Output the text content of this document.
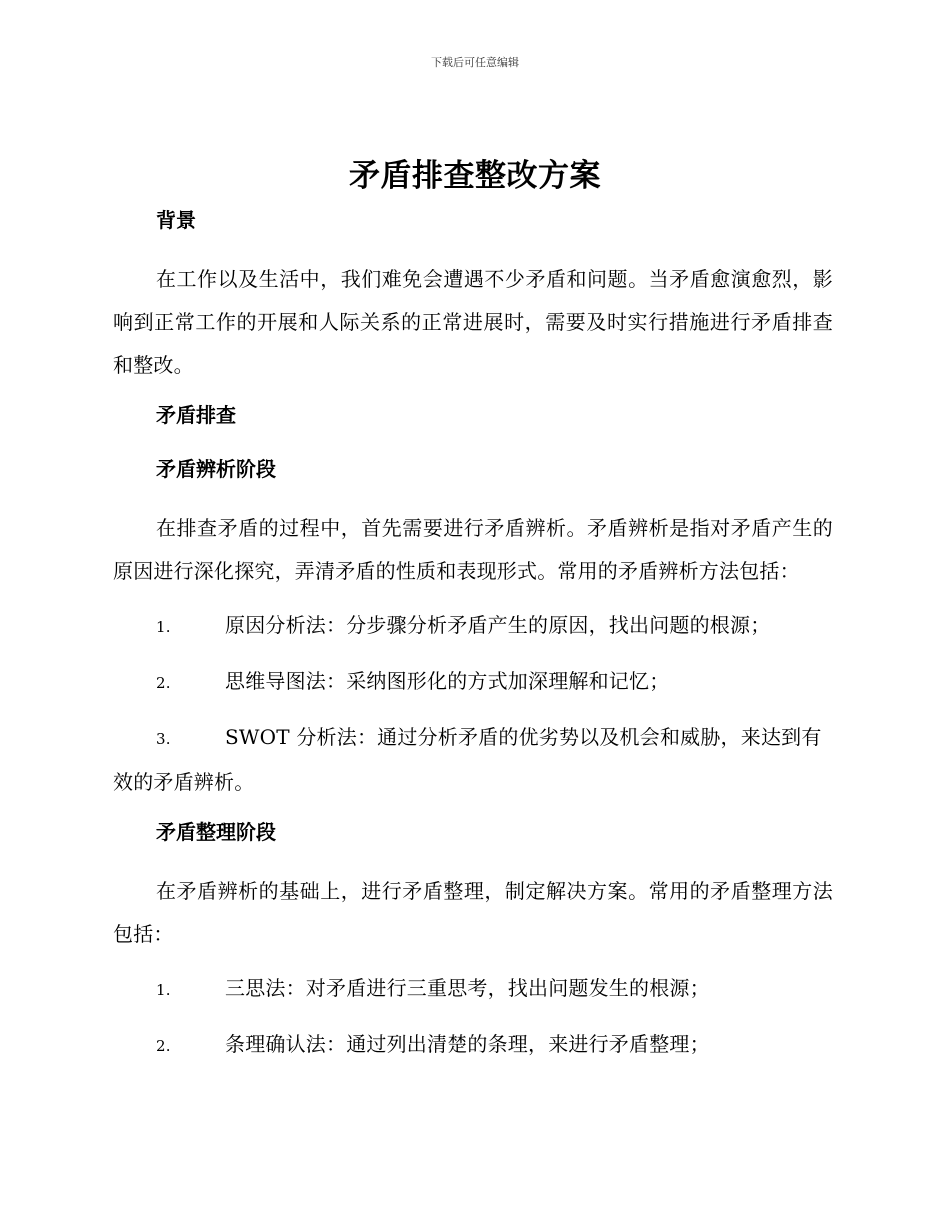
下载后可任意编辑
矛盾排查整改方案
背景
在工作以及生活中，我们难免会遭遇不少矛盾和问题。当矛盾愈演愈烈，影响到正常工作的开展和人际关系的正常进展时，需要及时实行措施进行矛盾排查和整改。
矛盾排查
矛盾辨析阶段
在排查矛盾的过程中，首先需要进行矛盾辨析。矛盾辨析是指对矛盾产生的原因进行深化探究，弄清矛盾的性质和表现形式。常用的矛盾辨析方法包括：
1.	原因分析法：分步骤分析矛盾产生的原因，找出问题的根源；
2.	思维导图法：采纳图形化的方式加深理解和记忆；
3.	SWOT 分析法：通过分析矛盾的优劣势以及机会和威胁，来达到有效的矛盾辨析。
矛盾整理阶段
在矛盾辨析的基础上，进行矛盾整理，制定解决方案。常用的矛盾整理方法包括：
1.	三思法：对矛盾进行三重思考，找出问题发生的根源；
2.	条理确认法：通过列出清楚的条理，来进行矛盾整理；
